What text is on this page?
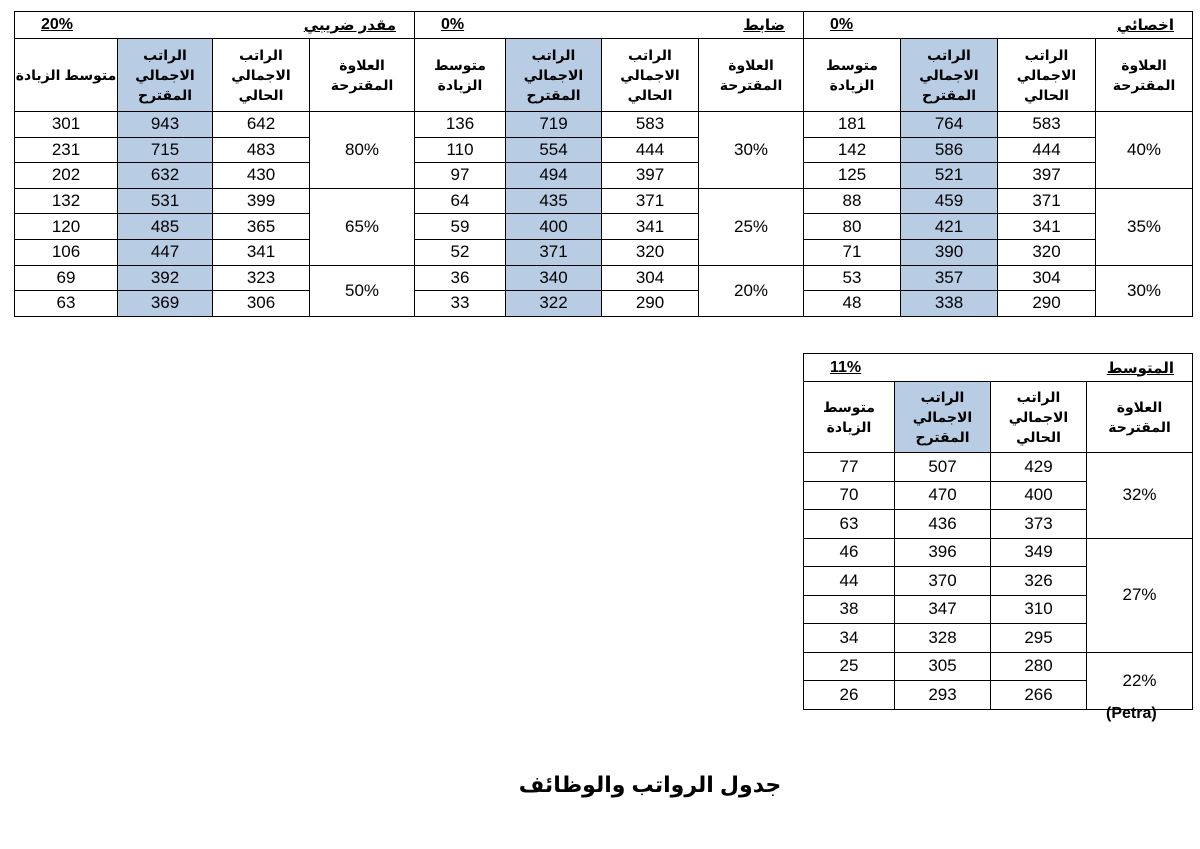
0% اخصائي			

متوسط الزيادة	الراتب الاجمالي المقترح	الراتب الاجمالي الحالي	العلاوة المقترحة
181	764	583	40%
142	586	444	
125	521	397	
88	459	371	35%
80	421	341	
71	390	320	
53	357	304	30%
48	338	290	
0% ضابط			

متوسط الزيادة	الراتب الاجمالي المقترح	الراتب الاجمالي الحالي	العلاوة المقترحة
136	719	583	30%
110	554	444	
97	494	397	
64	435	371	25%
59	400	341	
52	371	320	
36	340	304	20%
33	322	290	
20% مقدر ضريبي			

متوسط الزيادة	الراتب الاجمالي المقترح	الراتب الاجمالي الحالي	العلاوة المقترحة
301	943	642	80%
231	715	483	
202	632	430	
132	531	399	65%
120	485	365	
106	447	341	
69	392	323	50%
63	369	306	
11% المتوسط			

متوسط الزيادة	الراتب الاجمالي المقترح	الراتب الاجمالي الحالي	العلاوة المقترحة
77	507	429	32%
70	470	400	
63	436	373	
46	396	349	27%
44	370	326	
38	347	310	
34	328	295	
25	305	280	22%
26	293	266	
(Petra)
جدول الرواتب والوظائف
